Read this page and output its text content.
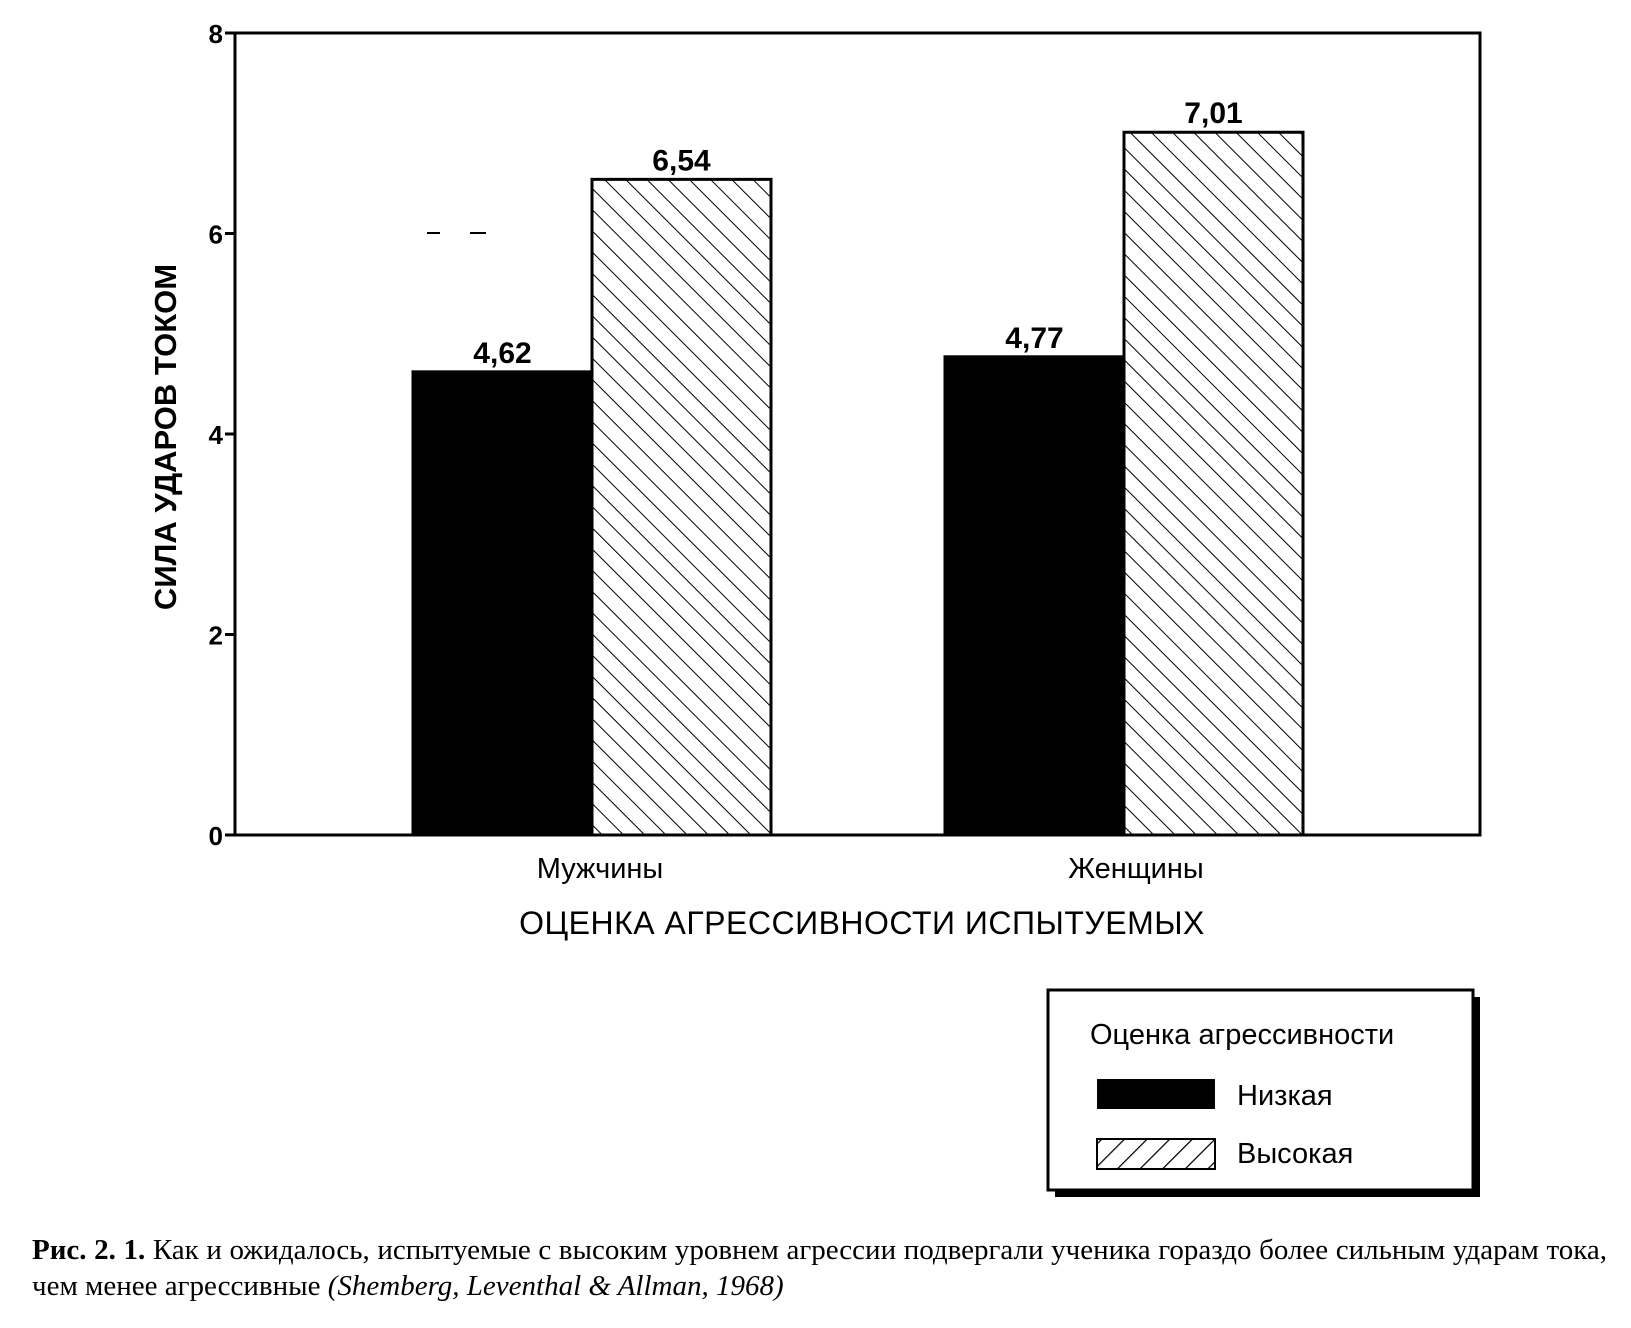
0
2
4
6
8
4,62	4,77
6,54
7,01
Мужчины	Женщины
ОЦЕНКА АГРЕССИВНОСТИ ИСПЫТУЕМЫХ
СИЛА УДАРОВ ТОКОМ
Оценка агрессивности
Низкая
Высокая
Рис. 2. 1. Как и ожидалось, испытуемые с высоким уровнем агрессии подвергали ученика гораздо более сильным ударам тока, чем менее агрессивные (Shemberg, Leventhal & Allman, 1968)
